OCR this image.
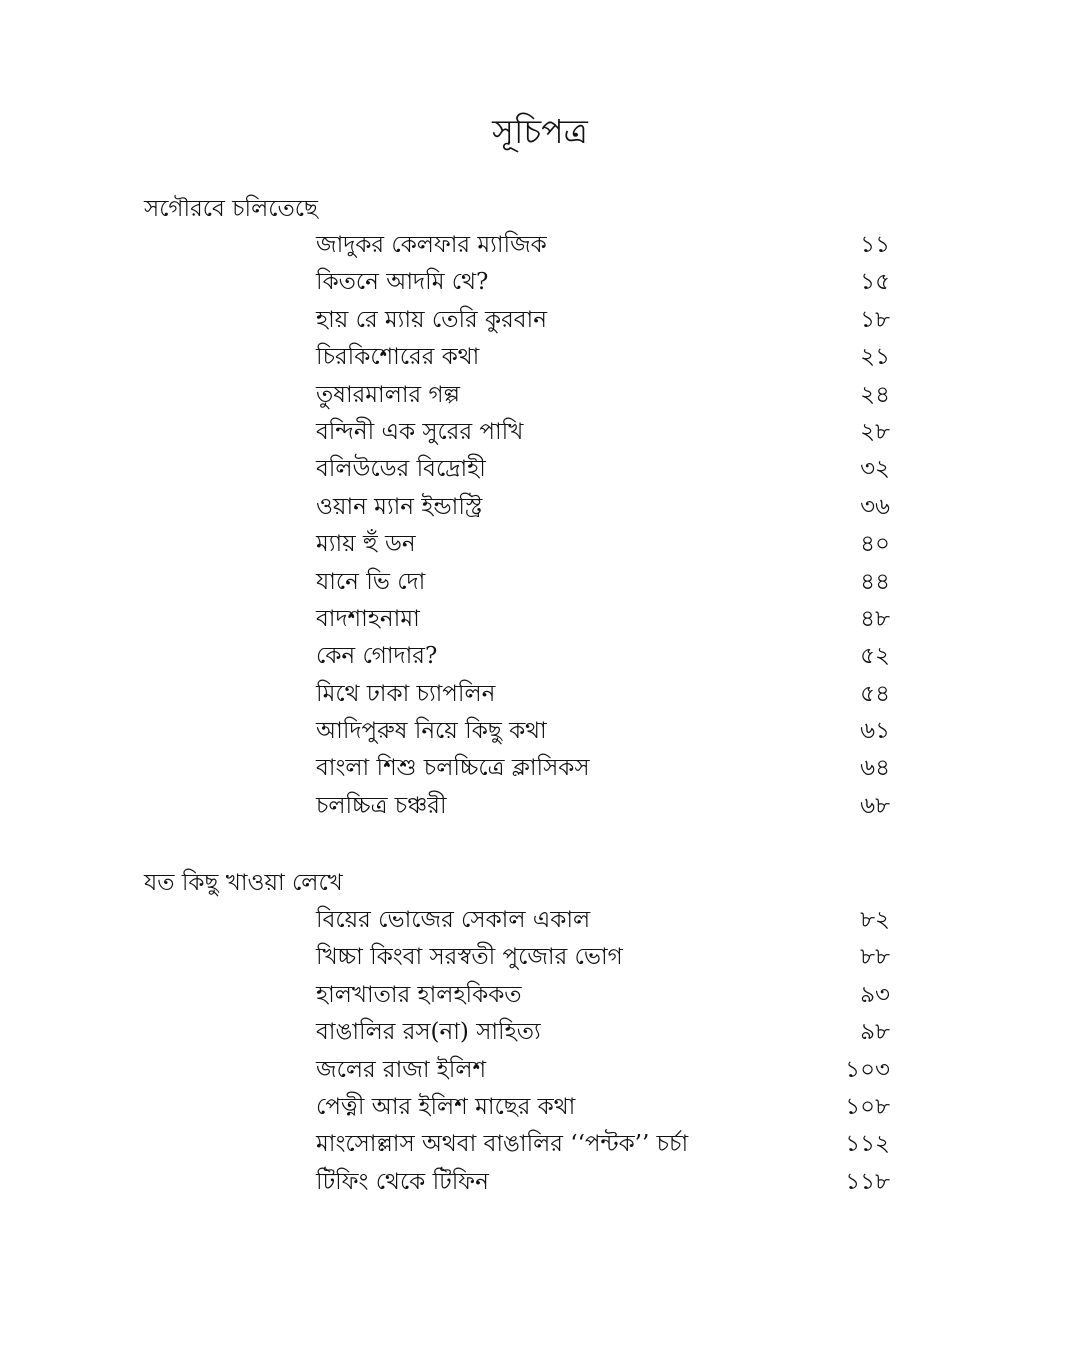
সূচিপত্র
সগৌরবে চলিতেছে
জাদুকর কেলফার ম্যাজিক	১১
কিতনে আদমি থে?	১৫
হায় রে ম্যায় তেরি কুরবান	১৮
চিরকিশোরের কথা	২১
তুষারমালার গল্প	২৪
বন্দিনী এক সুরের পাখি	২৮
বলিউডের বিদ্রোহী	৩২
ওয়ান ম্যান ইন্ডাস্ট্রি	৩৬
ম্যায় হুঁ ডন	৪০
যানে ভি দো	৪৪
বাদশাহনামা	৪৮
কেন গোদার?	৫২
মিথে ঢাকা চ্যাপলিন	৫৪
আদিপুরুষ নিয়ে কিছু কথা	৬১
বাংলা শিশু চলচ্চিত্রে ক্লাসিকস	৬৪
চলচ্চিত্র চঞ্চরী	৬৮
যত কিছু খাওয়া লেখে
বিয়ের ভোজের সেকাল একাল	৮২
খিচ্চা কিংবা সরস্বতী পুজোর ভোগ	৮৮
হালখাতার হালহকিকত	৯৩
বাঙালির রস(না) সাহিত্য	৯৮
জলের রাজা ইলিশ	১০৩
পেত্নী আর ইলিশ মাছের কথা	১০৮
মাংসোল্লাস অথবা বাঙালির ‘‘পন্টক’’ চর্চা	১১২
টিফিং থেকে টিফিন	১১৮
